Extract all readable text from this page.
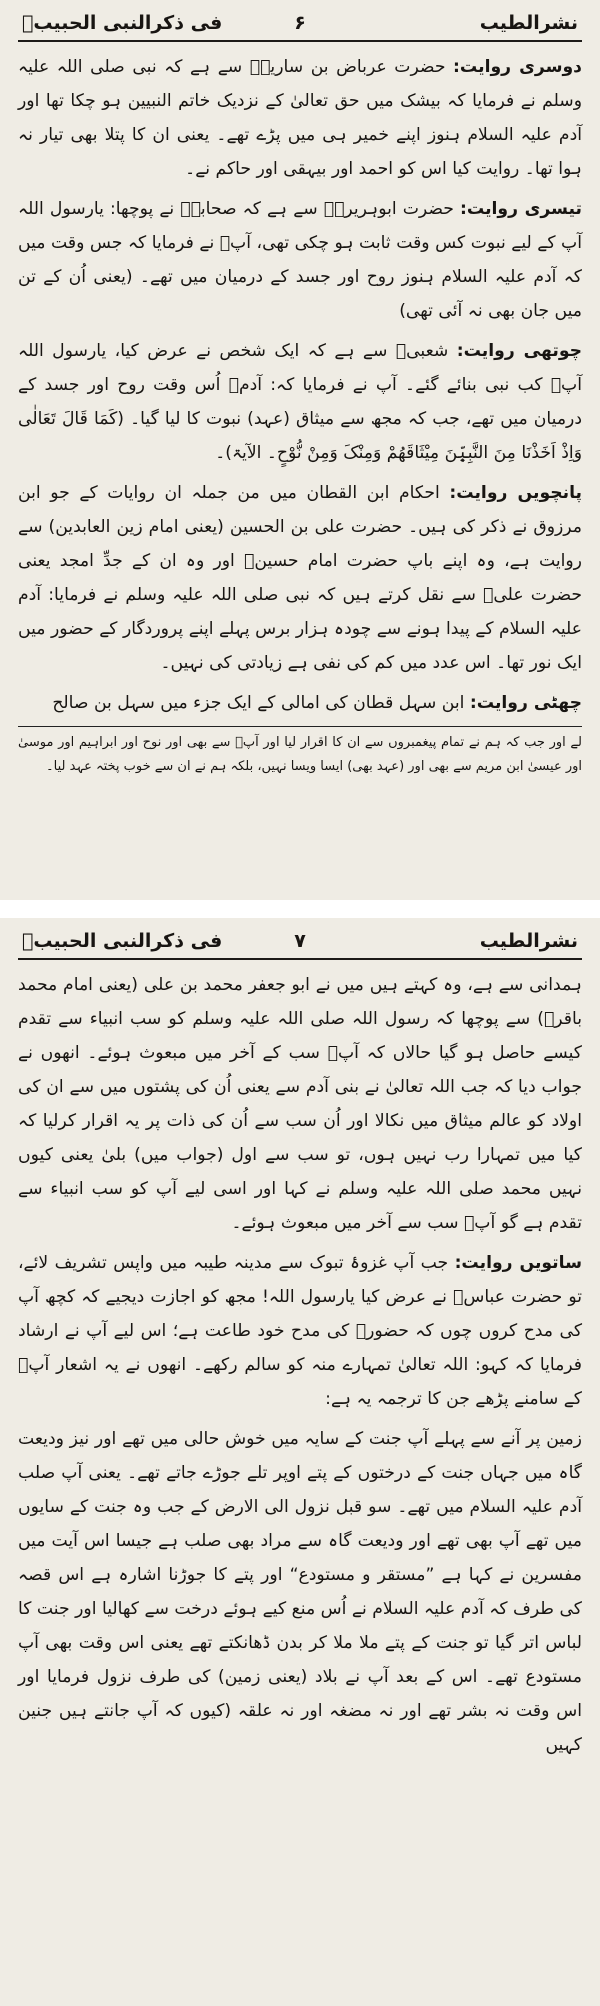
فی ذکرالنبی الحبیبؐ	۶	نشرالطیب

دوسری روایت: حضرت عرباض بن ساریہؓ سے ہے کہ نبی صلی اللہ علیہ وسلم نے فرمایا کہ بیشک میں حق تعالیٰ کے نزدیک خاتم النبیین ہو چکا تھا اور آدم علیہ السلام ہنوز اپنے خمیر ہی میں پڑے تھے۔ یعنی ان کا پتلا بھی تیار نہ ہوا تھا۔ روایت کیا اس کو احمد اور بیہقی اور حاکم نے۔

تیسری روایت: حضرت ابوہریرہؓ سے ہے کہ صحابہؓ نے پوچھا: یارسول اللہ آپ کے لیے نبوت کس وقت ثابت ہو چکی تھی، آپؐ نے فرمایا کہ جس وقت میں کہ آدم علیہ السلام ہنوز روح اور جسد کے درمیان میں تھے۔ (یعنی اُن کے تن میں جان بھی نہ آئی تھی)

چوتھی روایت: شعبیؒ سے ہے کہ ایک شخص نے عرض کیا، یارسول اللہ آپؐ کب نبی بنائے گئے۔ آپ نے فرمایا کہ: آدمؑ اُس وقت روح اور جسد کے درمیان میں تھے، جب کہ مجھ سے میثاق (عہد) نبوت کا لیا گیا۔ (کَمَا قَالَ تَعَالٰی وَاِذْ اَخَذْنَا مِنَ النَّبِیّٖنَ مِیْثَاقَھُمْ وَمِنْکَ وَمِنْ نُّوْحٍ۔ الآیۃ)۔

پانچویں روایت: احکام ابن القطان میں من جملہ ان روایات کے جو ابن مرزوق نے ذکر کی ہیں۔ حضرت علی بن الحسین (یعنی امام زین العابدین) سے روایت ہے، وہ اپنے باپ حضرت امام حسینؓ اور وہ ان کے جدِّ امجد یعنی حضرت علیؓ سے نقل کرتے ہیں کہ نبی صلی اللہ علیہ وسلم نے فرمایا: آدم علیہ السلام کے پیدا ہونے سے چودہ ہزار برس پہلے اپنے پروردگار کے حضور میں ایک نور تھا۔ اس عدد میں کم کی نفی ہے زیادتی کی نہیں۔

چھٹی روایت: ابن سہل قطان کی امالی کے ایک جزء میں سہل بن صالح

لے اور جب کہ ہم نے تمام پیغمبروں سے ان کا اقرار لیا اور آپؐ سے بھی اور نوح اور ابراہیم اور موسیٰ اور عیسیٰ ابن مریم سے بھی اور (عہد بھی) ایسا ویسا نہیں، بلکہ ہم نے ان سے خوب پختہ عہد لیا۔
فی ذکرالنبی الحبیبؐ	۷	نشرالطیب

ہمدانی سے ہے، وہ کہتے ہیں میں نے ابو جعفر محمد بن علی (یعنی امام محمد باقرؒ) سے پوچھا کہ رسول اللہ صلی اللہ علیہ وسلم کو سب انبیاء سے تقدم کیسے حاصل ہو گیا حالاں کہ آپؐ سب کے آخر میں مبعوث ہوئے۔ انھوں نے جواب دیا کہ جب اللہ تعالیٰ نے بنی آدم سے یعنی اُن کی پشتوں میں سے ان کی اولاد کو عالم میثاق میں نکالا اور اُن سب سے اُن کی ذات پر یہ اقرار کرلیا کہ کیا میں تمہارا رب نہیں ہوں، تو سب سے اول (جواب میں) بلیٰ یعنی کیوں نہیں محمد صلی اللہ علیہ وسلم نے کہا اور اسی لیے آپ کو سب انبیاء سے تقدم ہے گو آپؐ سب سے آخر میں مبعوث ہوئے۔

ساتویں روایت: جب آپ غزوۂ تبوک سے مدینہ طیبہ میں واپس تشریف لائے، تو حضرت عباسؓ نے عرض کیا یارسول اللہ! مجھ کو اجازت دیجیے کہ کچھ آپ کی مدح کروں چوں کہ حضورؐ کی مدح خود طاعت ہے؛ اس لیے آپ نے ارشاد فرمایا کہ کہو: اللہ تعالیٰ تمہارے منہ کو سالم رکھے۔ انھوں نے یہ اشعار آپؐ کے سامنے پڑھے جن کا ترجمہ یہ ہے:

زمین پر آنے سے پہلے آپ جنت کے سایہ میں خوش حالی میں تھے اور نیز ودیعت گاہ میں جہاں جنت کے درختوں کے پتے اوپر تلے جوڑے جاتے تھے۔ یعنی آپ صلب آدم علیہ السلام میں تھے۔ سو قبل نزول الی الارض کے جب وہ جنت کے سایوں میں تھے آپ بھی تھے اور ودیعت گاہ سے مراد بھی صلب ہے جیسا اس آیت میں مفسرین نے کہا ہے ”مستقر و مستودع“ اور پتے کا جوڑنا اشارہ ہے اس قصہ کی طرف کہ آدم علیہ السلام نے اُس منع کیے ہوئے درخت سے کھالیا اور جنت کا لباس اتر گیا تو جنت کے پتے ملا ملا کر بدن ڈھانکتے تھے یعنی اس وقت بھی آپ مستودع تھے۔ اس کے بعد آپ نے بلاد (یعنی زمین) کی طرف نزول فرمایا اور اس وقت نہ بشر تھے اور نہ مضغہ اور نہ علقہ (کیوں کہ آپ جانتے ہیں جنین کہیں
